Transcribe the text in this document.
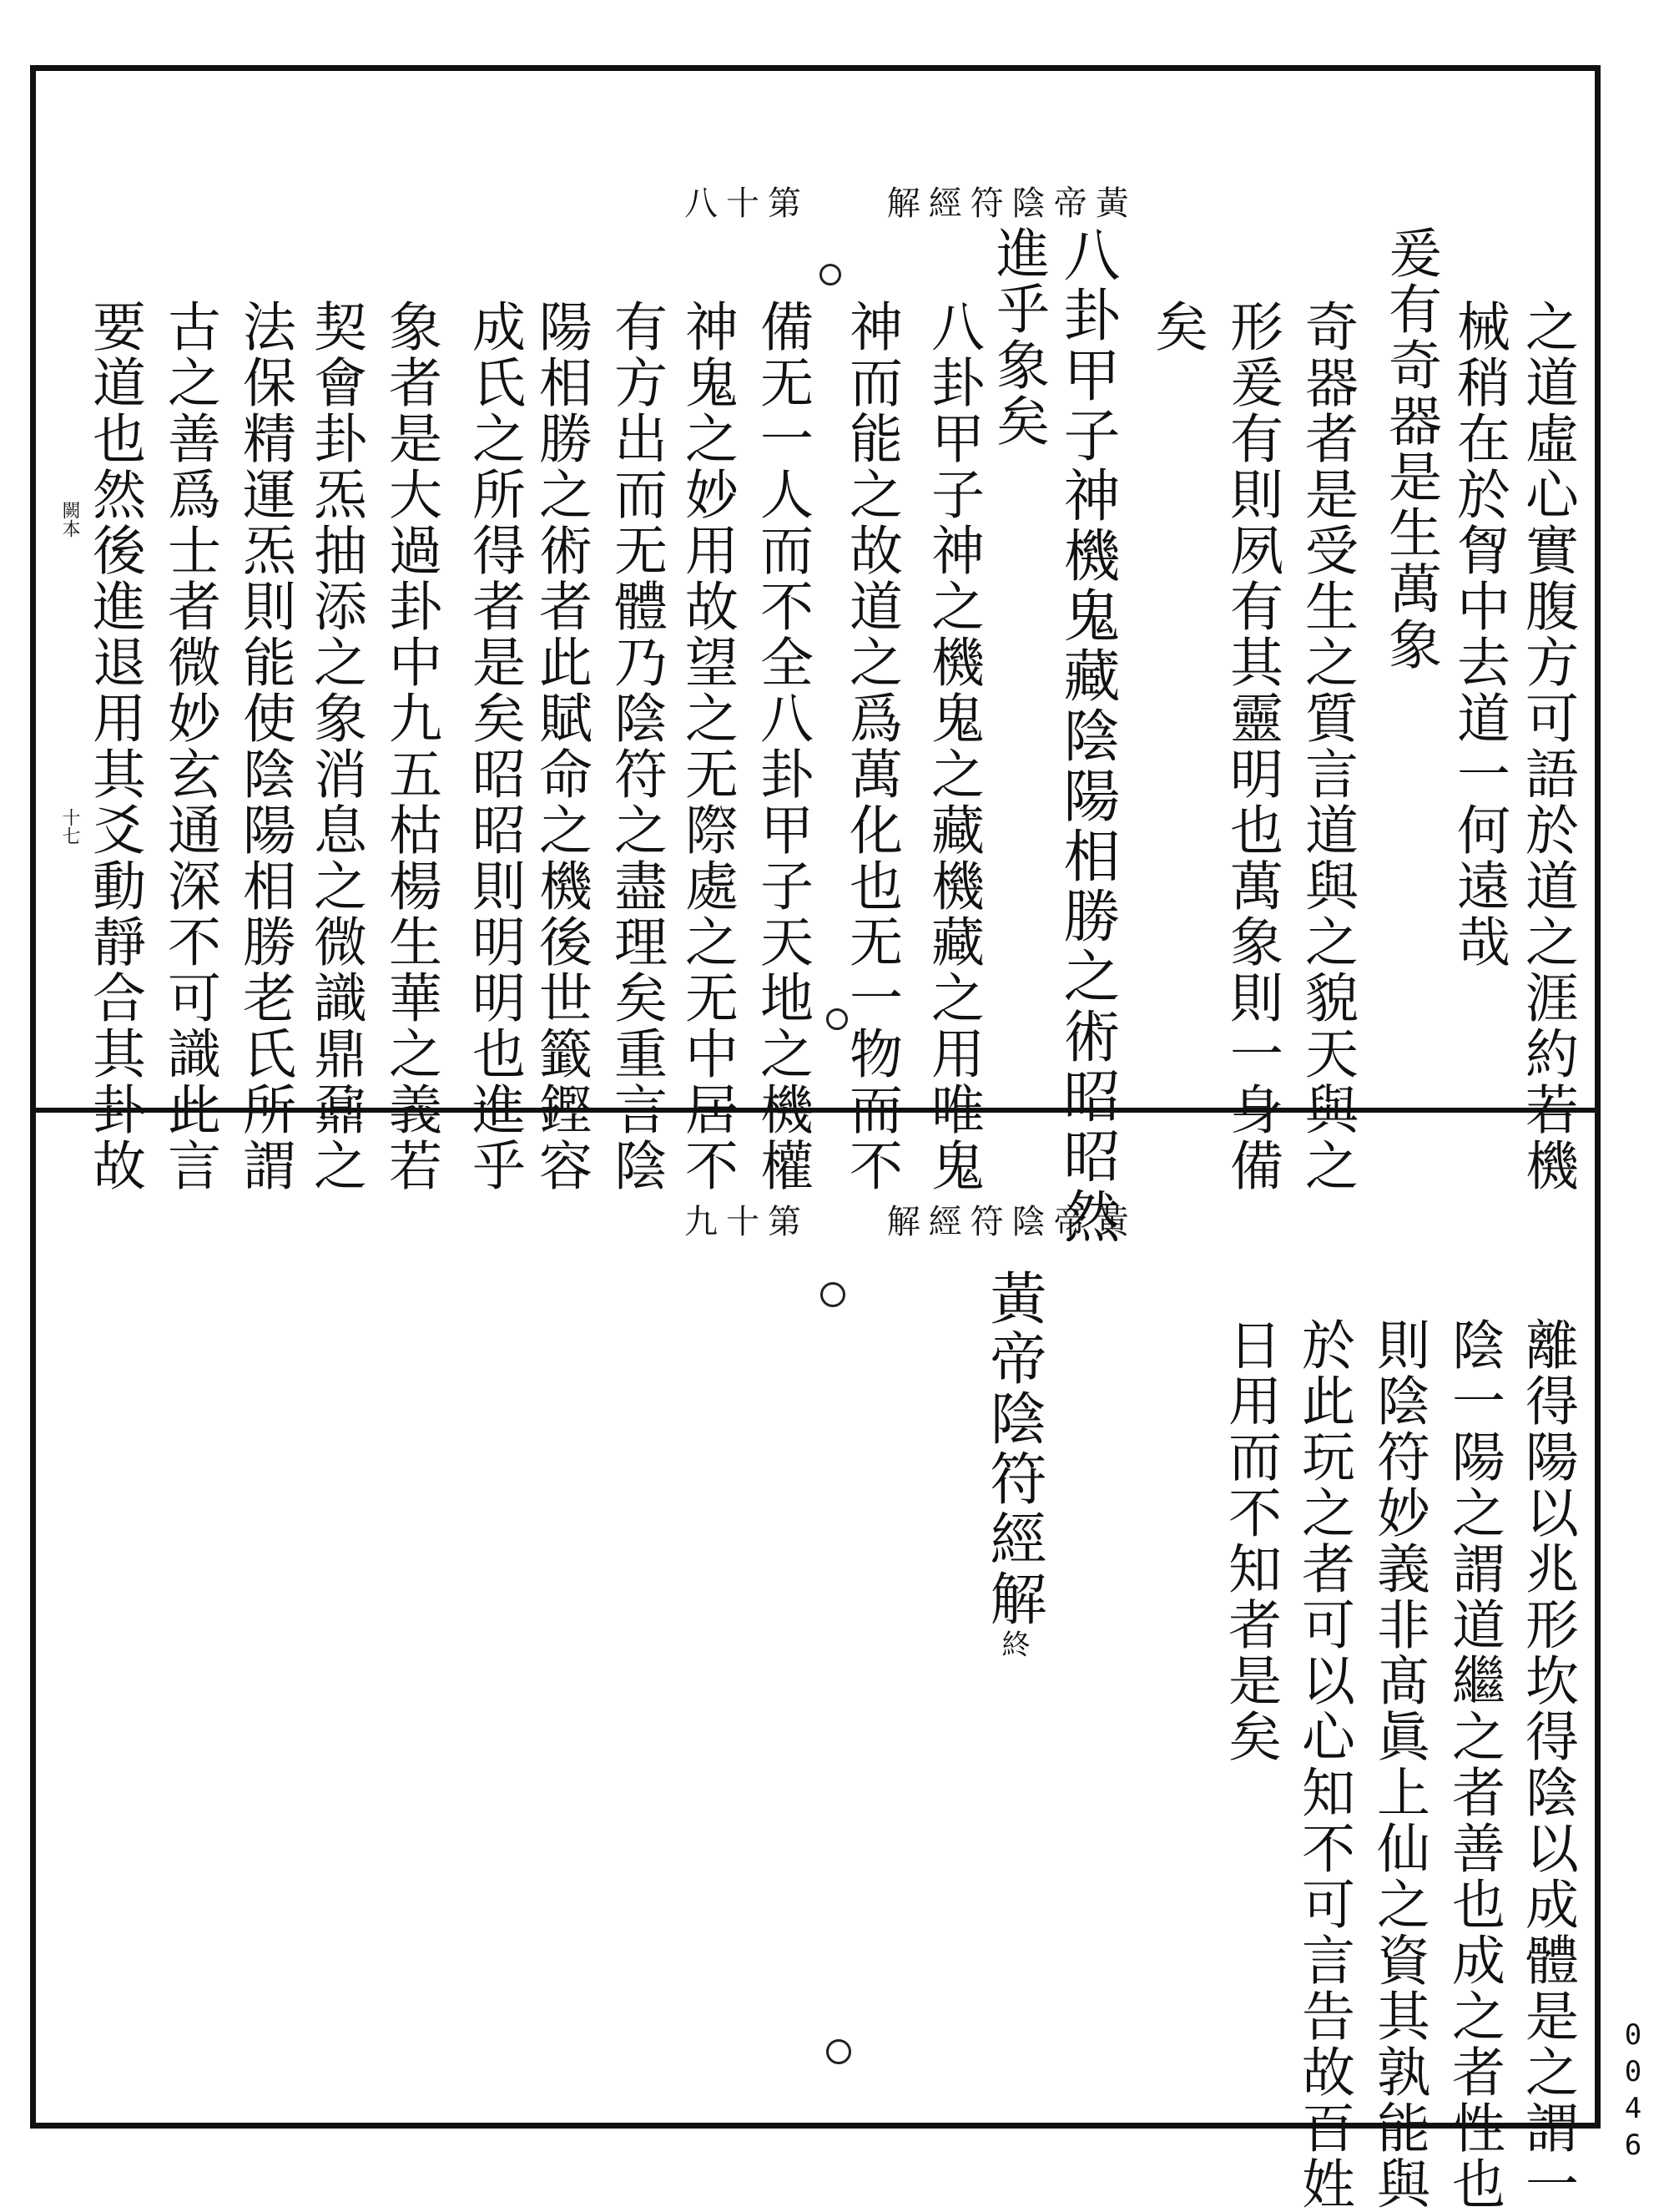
第十八 黃帝陰符經解
之道虛心實腹方可語於道之涯約若機
械稍在於胷中去道一何遠哉
爰有奇器是生萬象
奇器者是受生之質言道與之貌天與之
形爰有則夙有其靈明也萬象則一身備
矣
八卦甲子神機鬼藏陰陽相勝之術昭昭然
進乎象矣
八卦甲子神之機鬼之藏機藏之用唯鬼
神而能之故道之爲萬化也无一物而不
備无一人而不全八卦甲子天地之機權
神鬼之妙用故望之无際處之无中居不
有方出而无體乃陰符之盡理矣重言陰
陽相勝之術者此賦命之機後世籤鏗容
成氏之所得者是矣昭昭則明明也進乎
象者是大過卦中九五枯楊生華之義若
契會卦炁抽添之象消息之微識鼎鼐之
法保精運炁則能使陰陽相勝老氏所謂
古之善爲士者微妙玄通深不可識此言
要道也然後進退用其爻動靜合其卦故
闕本
十七
第十九 黃帝陰符經解
離得陽以兆形坎得陰以成體是之謂一
陰一陽之謂道繼之者善也成之者性也
則陰符妙義非髙眞上仙之資其孰能與
於此玩之者可以心知不可言告故百姓
日用而不知者是矣
黃帝陰符經解終
0046
